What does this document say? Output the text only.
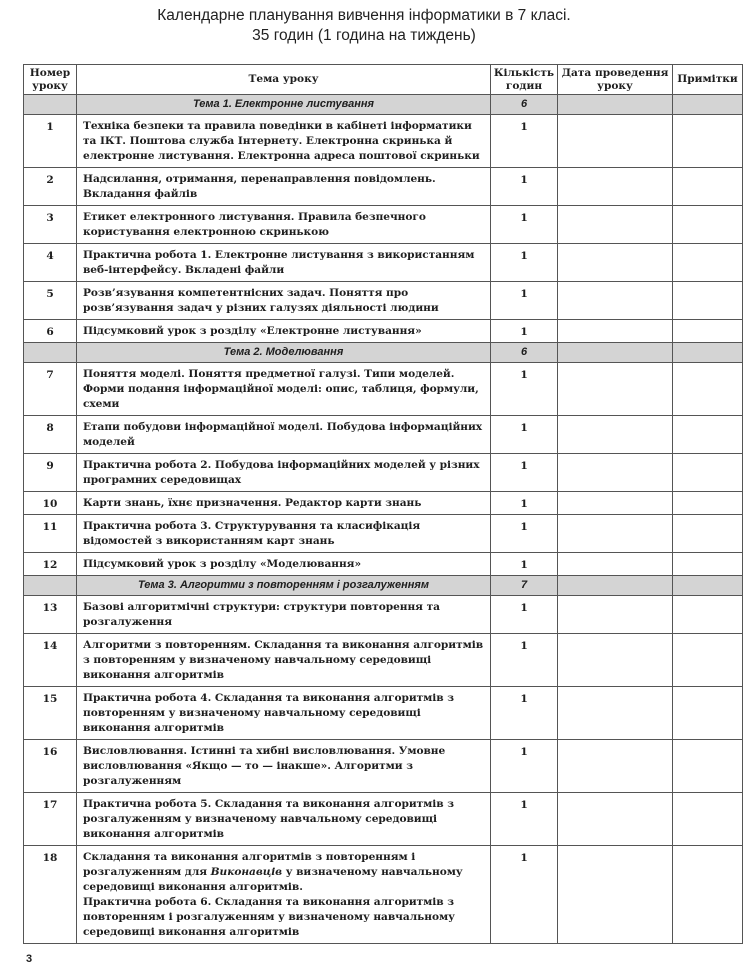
Календарне планування вивчення інформатики в 7 класі.
35 годин (1 година на тиждень)
Номер уроку	Тема уроку	Кількість годин	Дата проведення уроку	Примітки
	Тема 1. Електронне листування	6		
1	Техніка безпеки та правила поведінки в кабінеті інформатики та ІКТ. Поштова служба Інтернету. Електронна скринька й електронне листування. Електронна адреса поштової скриньки	1		
2	Надсилання, отримання, перенаправлення повідомлень. Вкладання файлів	1		
3	Етикет електронного листування. Правила безпечного користування електронною скринькою	1		
4	Практична робота 1. Електронне листування з використанням веб-інтерфейсу. Вкладені файли	1		
5	Розв’язування компетентнісних задач. Поняття про розв’язування задач у різних галузях діяльності людини	1		
6	Підсумковий урок з розділу «Електронне листування»	1		
	Тема 2. Моделювання	6		
7	Поняття моделі. Поняття предметної галузі. Типи моделей. Форми подання інформаційної моделі: опис, таблиця, формули, схеми	1		
8	Етапи побудови інформаційної моделі. Побудова інформаційних моделей	1		
9	Практична робота 2. Побудова інформаційних моделей у різних програмних середовищах	1		
10	Карти знань, їхнє призначення. Редактор карти знань	1		
11	Практична робота 3. Структурування та класифікація відомостей з використанням карт знань	1		
12	Підсумковий урок з розділу «Моделювання»	1		
	Тема 3. Алгоритми з повторенням і розгалуженням	7		
13	Базові алгоритмічні структури: структури повторення та розгалуження	1		
14	Алгоритми з повторенням. Складання та виконання алгоритмів з повторенням у визначеному навчальному середовищі виконання алгоритмів	1		
15	Практична робота 4. Складання та виконання алгоритмів з повторенням у визначеному навчальному середовищі виконання алгоритмів	1		
16	Висловлювання. Істинні та хибні висловлювання. Умовне висловлювання «Якщо — то — інакше». Алгоритми з розгалуженням	1		
17	Практична робота 5. Складання та виконання алгоритмів з розгалуженням у визначеному навчальному середовищі виконання алгоритмів	1		
18	Складання та виконання алгоритмів з повторенням і розгалуженням для Виконавців у визначеному навчальному середовищі виконання алгоритмів.
Практична робота 6. Складання та виконання алгоритмів з повторенням і розгалуженням у визначеному навчальному середовищі виконання алгоритмів	1		
3
